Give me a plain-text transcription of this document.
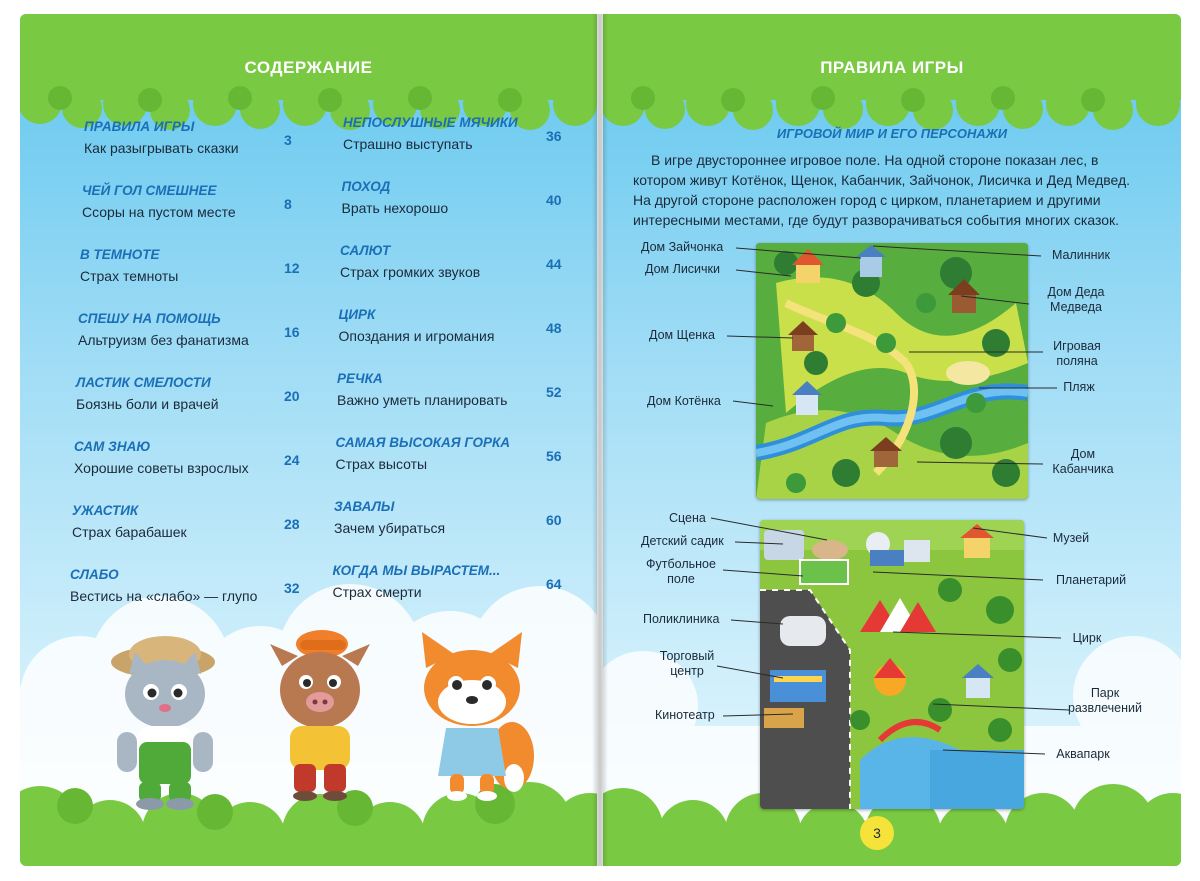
СОДЕРЖАНИЕ
ПРАВИЛА ИГРЫ
Как разыгрывать сказки	3
ЧЕЙ ГОЛ СМЕШНЕЕ
Ссоры на пустом месте	8
В ТЕМНОТЕ
Страх темноты	12
СПЕШУ НА ПОМОЩЬ
Альтруизм без фанатизма	16
ЛАСТИК СМЕЛОСТИ
Боязнь боли и врачей	20
САМ ЗНАЮ
Хорошие советы взрослых	24
УЖАСТИК
Страх барабашек	28
СЛАБО
Вестись на «слабо» — глупо 32
НЕПОСЛУШНЫЕ МЯЧИКИ
Страшно выступать	36
ПОХОД
Врать нехорошо	40
САЛЮТ
Страх громких звуков	44
ЦИРК
Опоздания и игромания	48
РЕЧКА
Важно уметь планировать	52
САМАЯ ВЫСОКАЯ ГОРКА
Страх высоты	56
ЗАВАЛЫ
Зачем убираться	60
КОГДА МЫ ВЫРАСТЕМ...
Страх смерти	64
ПРАВИЛА ИГРЫ
ИГРОВОЙ МИР И ЕГО ПЕРСОНАЖИ
В игре двустороннее игровое поле. На одной стороне показан лес, в котором живут Котёнок, Щенок, Кабанчик, Зайчонок, Лисичка и Дед Медвед. На другой стороне расположен город с цирком, планетарием и другими интересными местами, где будут разворачиваться события многих сказок.
Дом Зайчонка
Дом Лисички
Дом Щенка
Дом Котёнка
Малинник
Дом Деда Медведа
Игровая поляна
Пляж
Дом Кабанчика
Сцена
Детский садик
Футбольное поле
Поликлиника
Торговый центр
Кинотеатр
Музей
Планетарий
Цирк
Парк развлечений
Аквапарк
3
